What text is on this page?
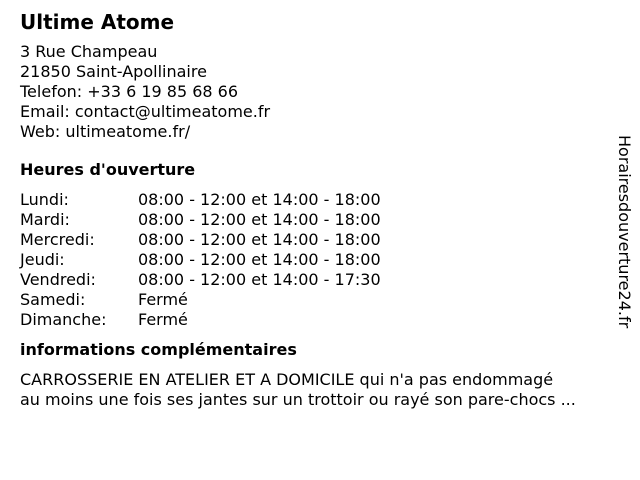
Ultime Atome
3 Rue Champeau
21850 Saint-Apollinaire
Telefon: +33 6 19 85 68 66
Email: contact@ultimeatome.fr
Web: ultimeatome.fr/
Heures d'ouverture
Lundi:	08:00 - 12:00 et 14:00 - 18:00
Mardi:	08:00 - 12:00 et 14:00 - 18:00
Mercredi:	08:00 - 12:00 et 14:00 - 18:00
Jeudi:	08:00 - 12:00 et 14:00 - 18:00
Vendredi:	08:00 - 12:00 et 14:00 - 17:30
Samedi:	Fermé
Dimanche:	Fermé
informations complémentaires
CARROSSERIE EN ATELIER ET A DOMICILE qui n'a pas endommagé
au moins une fois ses jantes sur un trottoir ou rayé son pare-chocs ...
Horairesdouverture24.fr
